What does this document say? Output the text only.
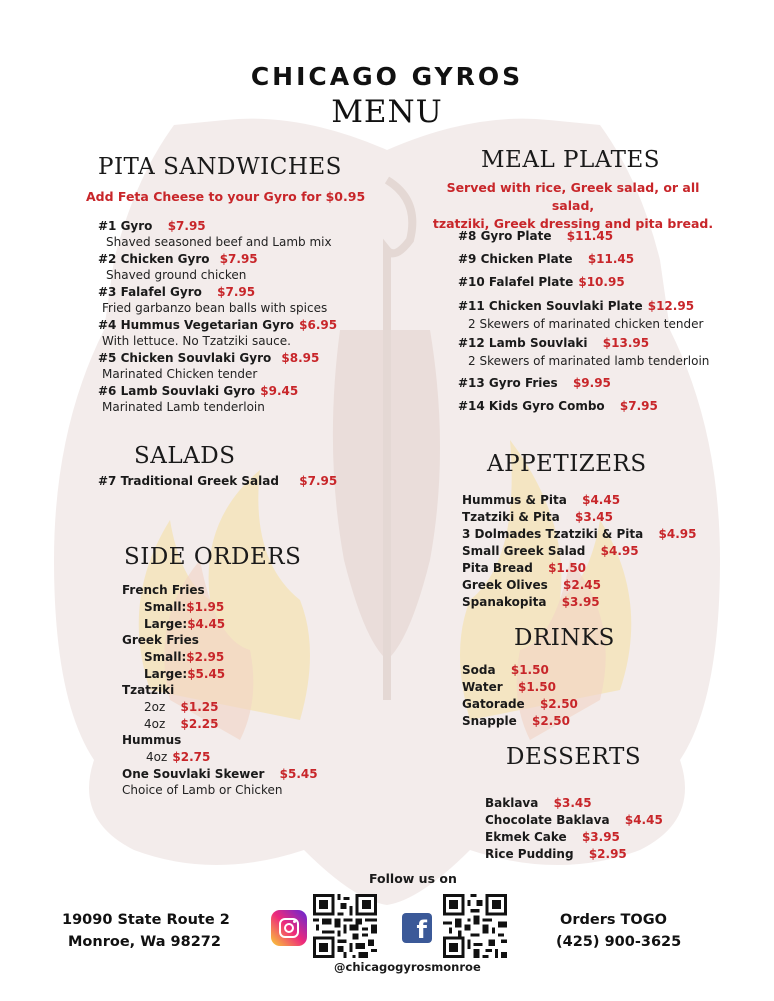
CHICAGO GYROS
MENU
PITA SANDWICHES
Add Feta Cheese to your Gyro for $0.95
#1 Gyro $7.95
Shaved seasoned beef and Lamb mix
#2 Chicken Gyro $7.95
Shaved ground chicken
#3 Falafel Gyro $7.95
Fried garbanzo bean balls with spices
#4 Hummus Vegetarian Gyro $6.95
With lettuce. No Tzatziki sauce.
#5 Chicken Souvlaki Gyro $8.95
Marinated Chicken tender
#6 Lamb Souvlaki Gyro $9.45
Marinated Lamb tenderloin
SALADS
#7 Traditional Greek Salad $7.95
SIDE ORDERS
French Fries
Small:$1.95
Large:$4.45
Greek Fries
Small:$2.95
Large:$5.45
Tzatziki
2oz $1.25
4oz $2.25
Hummus
4oz $2.75
One Souvlaki Skewer $5.45
Choice of Lamb or Chicken
MEAL PLATES
Served with rice, Greek salad, or all salad,
tzatziki, Greek dressing and pita bread.
#8 Gyro Plate $11.45
#9 Chicken Plate $11.45
#10 Falafel Plate $10.95
#11 Chicken Souvlaki Plate $12.95
2 Skewers of marinated chicken tender
#12 Lamb Souvlaki $13.95
2 Skewers of marinated lamb tenderloin
#13 Gyro Fries $9.95
#14 Kids Gyro Combo $7.95
APPETIZERS
Hummus & Pita $4.45
Tzatziki & Pita $3.45
3 Dolmades Tzatziki & Pita $4.95
Small Greek Salad $4.95
Pita Bread $1.50
Greek Olives $2.45
Spanakopita $3.95
DRINKS
Soda $1.50
Water $1.50
Gatorade $2.50
Snapple $2.50
DESSERTS
Baklava $3.45
Chocolate Baklava $4.45
Ekmek Cake $3.95
Rice Pudding $2.95
Follow us on
19090 State Route 2
Monroe, Wa 98272	f
@chicagogyrosmonroe
Orders TOGO
(425) 900-3625
